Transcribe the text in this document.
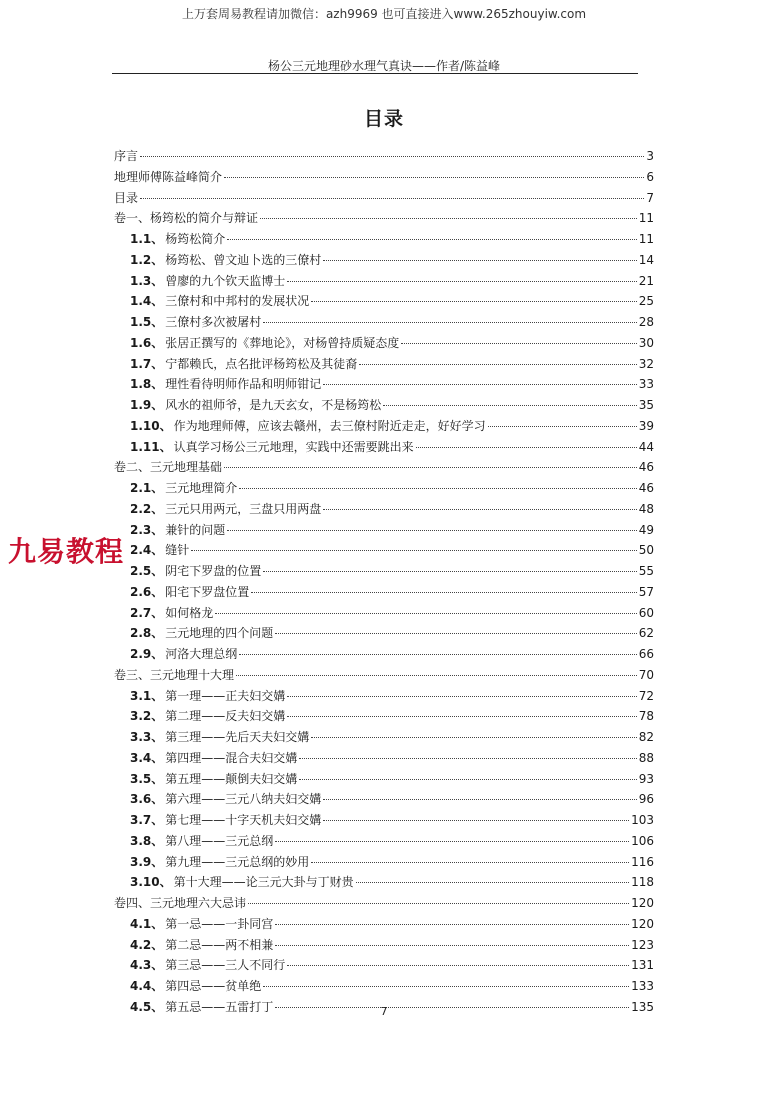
上万套周易教程请加微信：azh9969 也可直接进入www.265zhouyiw.com
杨公三元地理砂水理气真诀——作者/陈益峰
目录
序言	3
地理师傅陈益峰简介	6
目录	7
卷一、杨筠松的简介与辩证	11
1.1、 杨筠松简介	11
1.2、 杨筠松、曾文辿卜选的三僚村	14
1.3、 曾廖的九个钦天监博士	21
1.4、 三僚村和中邦村的发展状况	25
1.5、 三僚村多次被屠村	28
1.6、 张居正撰写的《葬地论》，对杨曾持质疑态度	30
1.7、 宁都赖氏，点名批评杨筠松及其徒裔	32
1.8、 理性看待明师作品和明师钳记	33
1.9、 风水的祖师爷，是九天玄女，不是杨筠松	35
1.10、 作为地理师傅，应该去赣州，去三僚村附近走走，好好学习	39
1.11、 认真学习杨公三元地理，实践中还需要跳出来	44
卷二、三元地理基础	46
2.1、 三元地理简介	46
2.2、 三元只用两元，三盘只用两盘	48
2.3、 兼针的问题	49
2.4、 缝针	50
2.5、 阴宅下罗盘的位置	55
2.6、 阳宅下罗盘位置	57
2.7、 如何格龙	60
2.8、 三元地理的四个问题	62
2.9、 河洛大理总纲	66
卷三、三元地理十大理	70
3.1、 第一理——正夫妇交媾	72
3.2、 第二理——反夫妇交媾	78
3.3、 第三理——先后天夫妇交媾	82
3.4、 第四理——混合夫妇交媾	88
3.5、 第五理——颠倒夫妇交媾	93
3.6、 第六理——三元八纳夫妇交媾	96
3.7、 第七理——十字天机夫妇交媾	103
3.8、 第八理——三元总纲	106
3.9、 第九理——三元总纲的妙用	116
3.10、 第十大理——论三元大卦与丁财贵	118
卷四、三元地理六大忌讳	120
4.1、 第一忌——一卦同宫	120
4.2、 第二忌——两不相兼	123
4.3、 第三忌——三人不同行	131
4.4、 第四忌——贫单绝	133
4.5、 第五忌——五雷打丁	135
九易教程
7
